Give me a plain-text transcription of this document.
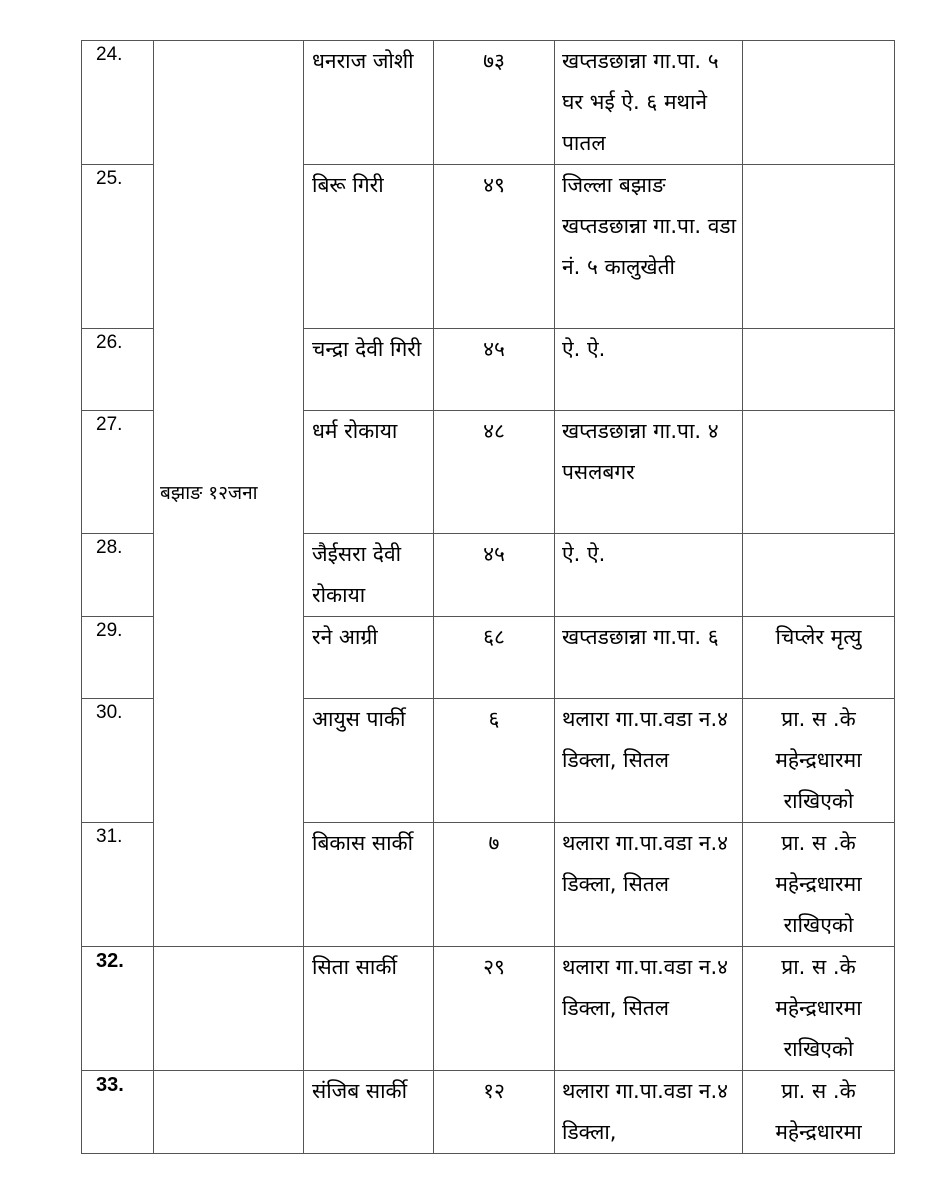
24.	बझाङ १२जना	धनराज जोशी	७३	खप्तडछान्ना गा.पा. ५ घर भई ऐ. ६ मथाने पातल	
25.		बिरू गिरी	४९	जिल्ला बझाङ खप्तडछान्ना गा.पा. वडा नं. ५ कालुखेती	
26.		चन्द्रा देवी गिरी	४५	ऐ. ऐ.	
27.		धर्म रोकाया	४८	खप्तडछान्ना गा.पा. ४ पसलबगर	
28.		जैईसरा देवी रोकाया	४५	ऐ. ऐ.	
29.		रने आग्री	६८	खप्तडछान्ना गा.पा. ६	चिप्लेर मृत्यु
30.		आयुस पार्की	६	थलारा गा.पा.वडा न.४ डिक्ला, सितल	प्रा. स .के महेन्द्रधारमा राखिएको
31.		बिकास सार्की	७	थलारा गा.पा.वडा न.४ डिक्ला, सितल	प्रा. स .के महेन्द्रधारमा राखिएको
32.		सिता सार्की	२९	थलारा गा.पा.वडा न.४ डिक्ला, सितल	प्रा. स .के महेन्द्रधारमा राखिएको
33.		संजिब सार्की	१२	थलारा गा.पा.वडा न.४ डिक्ला,	प्रा. स .के महेन्द्रधारमा
